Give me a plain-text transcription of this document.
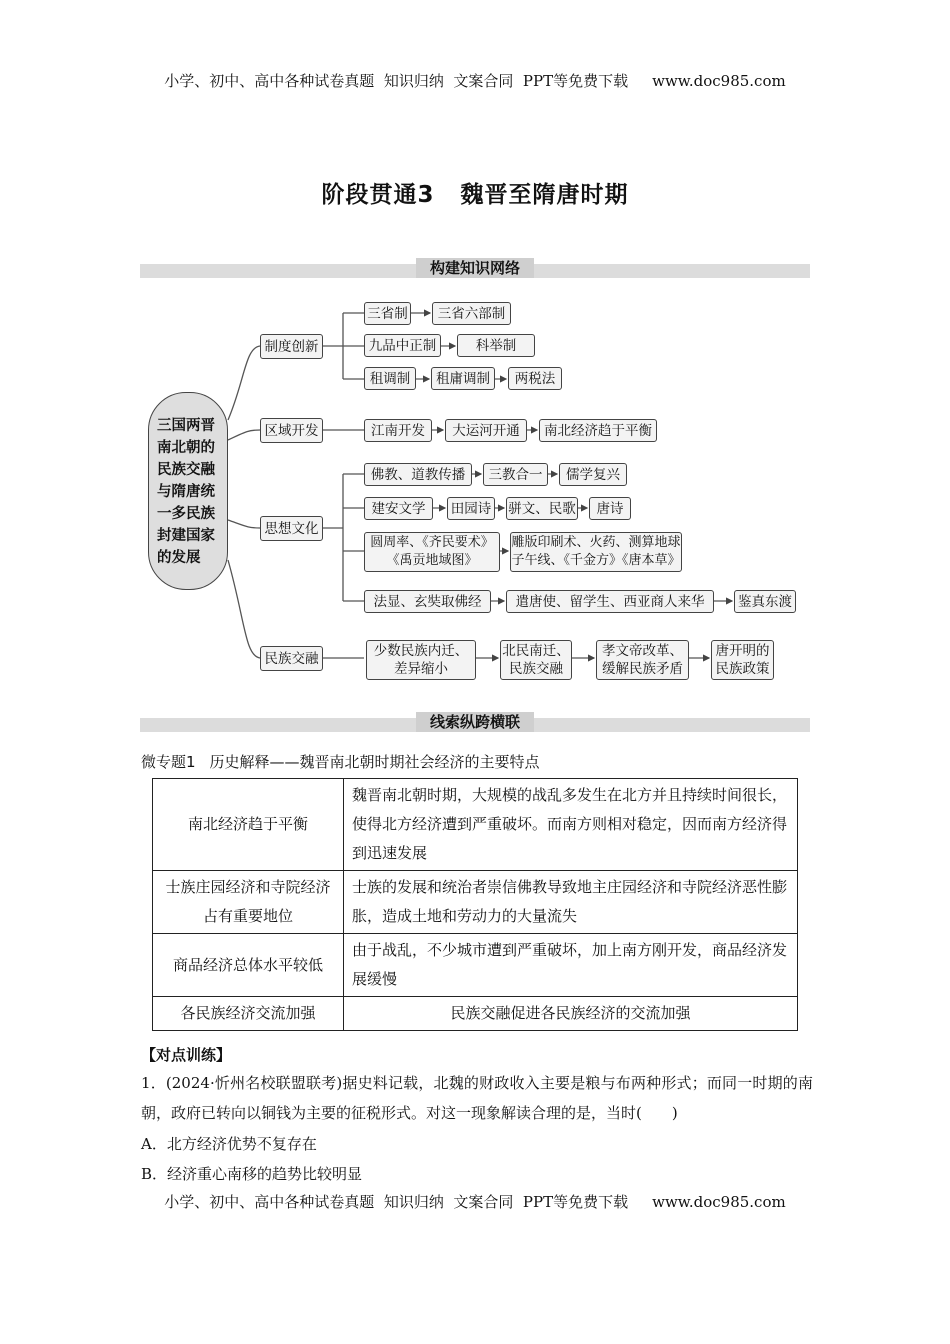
小学、初中、高中各种试卷真题  知识归纳  文案合同  PPT等免费下载 www.doc985.com
阶段贯通3 魏晋至隋唐时期
构建知识网络
三国两晋
南北朝的
民族交融
与隋唐统
一多民族
封建国家
的发展
制度创新
三省制	三省六部制
九品中正制	科举制
租调制	租庸调制	两税法
区域开发	江南开发	大运河开通	南北经济趋于平衡
思想文化
佛教、道教传播	三教合一	儒学复兴
建安文学	田园诗 骈文、民歌	唐诗
圆周率、《齐民要术》
《禹贡地域图》
雕版印刷术、火药、测算地球
子午线、《千金方》《唐本草》
法显、玄奘取佛经	遣唐使、留学生、西亚商人来华	鉴真东渡
民族交融	少数民族内迁、
差异缩小
北民南迁、
民族交融
孝文帝改革、
缓解民族矛盾
唐开明的
民族政策
线索纵跨横联
微专题1 历史解释——魏晋南北朝时期社会经济的主要特点
南北经济趋于平衡	魏晋南北朝时期，大规模的战乱多发生在北方并且持续时间很长，使得北方经济遭到严重破坏。而南方则相对稳定，因而南方经济得到迅速发展
士族庄园经济和寺院经济占有重要地位	士族的发展和统治者崇信佛教导致地主庄园经济和寺院经济恶性膨胀，造成土地和劳动力的大量流失
商品经济总体水平较低	由于战乱，不少城市遭到严重破坏，加上南方刚开发，商品经济发展缓慢
各民族经济交流加强	民族交融促进各民族经济的交流加强
【对点训练】
1．(2024·忻州名校联盟联考)据史料记载，北魏的财政收入主要是粮与布两种形式；而同一时期的南朝，政府已转向以铜钱为主要的征税形式。对这一现象解读合理的是，当时(　　)
A．北方经济优势不复存在
B．经济重心南移的趋势比较明显
小学、初中、高中各种试卷真题  知识归纳  文案合同  PPT等免费下载 www.doc985.com
